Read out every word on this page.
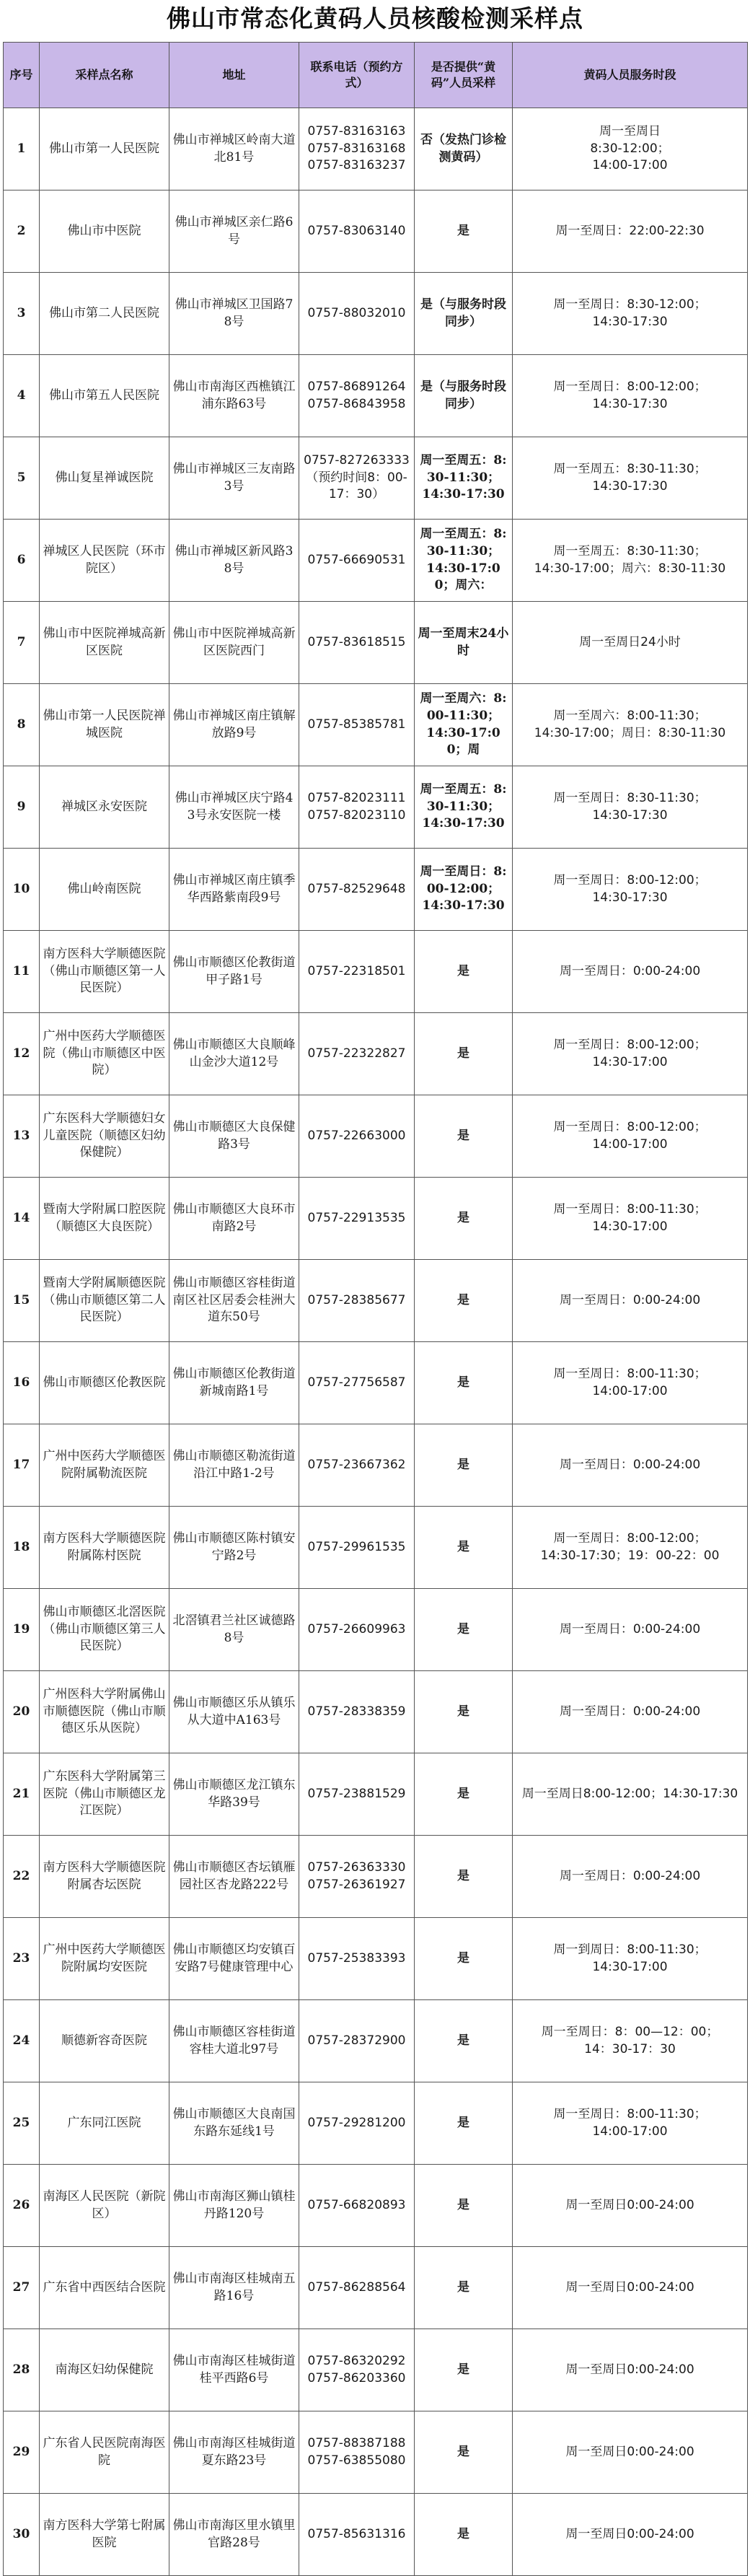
佛山市常态化黄码人员核酸检测采样点
序号	采样点名称	地址	联系电话（预约方式）	是否提供“黄码”人员采样	黄码人员服务时段
1	佛山市第一人民医院	佛山市禅城区岭南大道北81号	0757-83163163
0757-83163168
0757-83163237	否（发热门诊检测黄码）	周一至周日
8:30-12:00；
14:00-17:00
2	佛山市中医院	佛山市禅城区亲仁路6号	0757-83063140	是	周一至周日：22:00-22:30
3	佛山市第二人民医院	佛山市禅城区卫国路78号	0757-88032010	是（与服务时段同步）	周一至周日：8:30-12:00；
14:30-17:30
4	佛山市第五人民医院	佛山市南海区西樵镇江浦东路63号	0757-86891264
0757-86843958	是（与服务时段同步）	周一至周日：8:00-12:00；
14:30-17:30
5	佛山复星禅诚医院	佛山市禅城区三友南路3号	0757-827263333（预约时间8：00-17：30）	周一至周五：8:30-11:30；
14:30-17:30	周一至周五：8:30-11:30；
14:30-17:30
6	禅城区人民医院（环市院区）	佛山市禅城区新风路38号	0757-66690531	周一至周五：8:30-11:30；
14:30-17:00；周六：	周一至周五：8:30-11:30；
14:30-17:00；周六：8:30-11:30
7	佛山市中医院禅城高新区医院	佛山市中医院禅城高新区医院西门	0757-83618515	周一至周末24小时	周一至周日24小时
8	佛山市第一人民医院禅城医院	佛山市禅城区南庄镇解放路9号	0757-85385781	周一至周六：8:00-11:30；
14:30-17:00；周	周一至周六：8:00-11:30；
14:30-17:00；周日：8:30-11:30
9	禅城区永安医院	佛山市禅城区庆宁路43号永安医院一楼	0757-82023111
0757-82023110	周一至周五：8:30-11:30；
14:30-17:30	周一至周日：8:30-11:30；
14:30-17:30
10	佛山岭南医院	佛山市禅城区南庄镇季华西路紫南段9号	0757-82529648	周一至周日：8:00-12:00；
14:30-17:30	周一至周日：8:00-12:00；
14:30-17:30
11	南方医科大学顺德医院（佛山市顺德区第一人民医院）	佛山市顺德区伦教街道甲子路1号	0757-22318501	是	周一至周日：0:00-24:00
12	广州中医药大学顺德医院（佛山市顺德区中医院）	佛山市顺德区大良顺峰山金沙大道12号	0757-22322827	是	周一至周日：8:00-12:00；
14:30-17:00
13	广东医科大学顺德妇女儿童医院（顺德区妇幼保健院）	佛山市顺德区大良保健路3号	0757-22663000	是	周一至周日：8:00-12:00；
14:00-17:00
14	暨南大学附属口腔医院（顺德区大良医院）	佛山市顺德区大良环市南路2号	0757-22913535	是	周一至周日：8:00-11:30；
14:30-17:00
15	暨南大学附属顺德医院（佛山市顺德区第二人民医院）	佛山市顺德区容桂街道南区社区居委会桂洲大道东50号	0757-28385677	是	周一至周日：0:00-24:00
16	佛山市顺德区伦教医院	佛山市顺德区伦教街道新城南路1号	0757-27756587	是	周一至周日：8:00-11:30；
14:00-17:00
17	广州中医药大学顺德医院附属勒流医院	佛山市顺德区勒流街道沿江中路1-2号	0757-23667362	是	周一至周日：0:00-24:00
18	南方医科大学顺德医院附属陈村医院	佛山市顺德区陈村镇安宁路2号	0757-29961535	是	周一至周日：8:00-12:00；
14:30-17:30；19：00-22：00
19	佛山市顺德区北滘医院（佛山市顺德区第三人民医院）	北滘镇君兰社区诚德路8号	0757-26609963	是	周一至周日：0:00-24:00
20	广州医科大学附属佛山市顺德医院（佛山市顺德区乐从医院）	佛山市顺德区乐从镇乐从大道中A163号	0757-28338359	是	周一至周日：0:00-24:00
21	广东医科大学附属第三医院（佛山市顺德区龙江医院）	佛山市顺德区龙江镇东华路39号	0757-23881529	是	周一至周日8:00-12:00；14:30-17:30
22	南方医科大学顺德医院附属杏坛医院	佛山市顺德区杏坛镇雁园社区杏龙路222号	0757-26363330
0757-26361927	是	周一至周日：0:00-24:00
23	广州中医药大学顺德医院附属均安医院	佛山市顺德区均安镇百安路7号健康管理中心	0757-25383393	是	周一到周日：8:00-11:30；
14:30-17:00
24	顺德新容奇医院	佛山市顺德区容桂街道容桂大道北97号	0757-28372900	是	周一至周日：8：00—12：00；
14：30-17：30
25	广东同江医院	佛山市顺德区大良南国东路东延线1号	0757-29281200	是	周一至周日：8:00-11:30；
14:00-17:00
26	南海区人民医院（新院区）	佛山市南海区狮山镇桂丹路120号	0757-66820893	是	周一至周日0:00-24:00
27	广东省中西医结合医院	佛山市南海区桂城南五路16号	0757-86288564	是	周一至周日0:00-24:00
28	南海区妇幼保健院	佛山市南海区桂城街道桂平西路6号	0757-86320292
0757-86203360	是	周一至周日0:00-24:00
29	广东省人民医院南海医院	佛山市南海区桂城街道夏东路23号	0757-88387188
0757-63855080	是	周一至周日0:00-24:00
30	南方医科大学第七附属医院	佛山市南海区里水镇里官路28号	0757-85631316	是	周一至周日0:00-24:00
